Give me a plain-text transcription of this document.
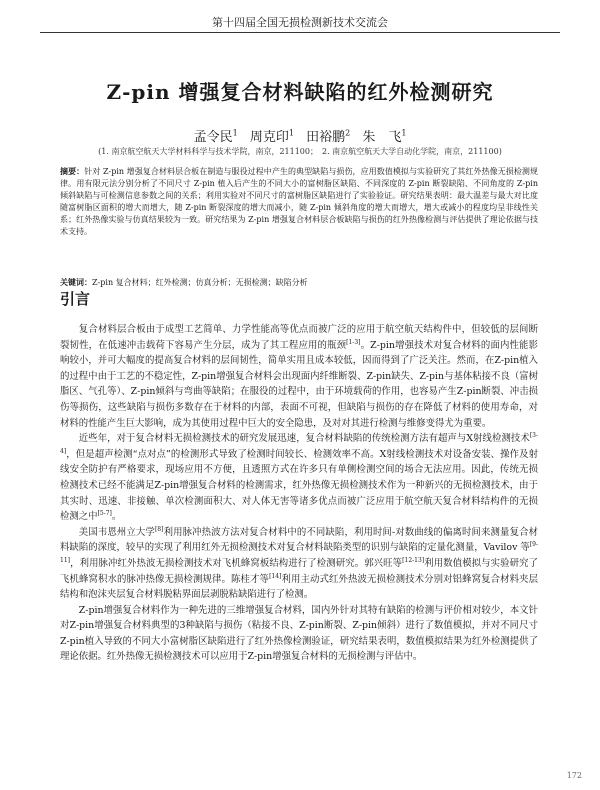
第十四届全国无损检测新技术交流会
Z-pin 增强复合材料缺陷的红外检测研究
孟令民$^1$ 周克印$^1$ 田裕鹏$^2$ 朱　飞$^1$
(1. 南京航空航天大学材料科学与技术学院，南京，211100；　2. 南京航空航天大学自动化学院，南京，211100)
摘要：针对 Z-pin 增强复合材料层合板在制造与服役过程中产生的典型缺陷与损伤，应用数值模拟与实验研究了其红外热像无损检测规律。用有限元法分别分析了不同尺寸 Z-pin 植入后产生的不同大小的富树脂区缺陷、不同深度的 Z-pin 断裂缺陷、不同角度的 Z-pin 倾斜缺陷与可检测信息参数之间的关系；利用实验对不同尺寸的富树脂区缺陷进行了实验验证。研究结果表明：最大温差与最大对比度随富树脂区面积的增大而增大，随 Z-pin 断裂深度的增大而减小，随 Z-pin 倾斜角度的增大而增大，增大或减小的程度均呈非线性关系；红外热像实验与仿真结果较为一致。研究结果为 Z-pin 增强复合材料层合板缺陷与损伤的红外热像检测与评估提供了理论依据与技术支持。
关键词：Z-pin 复合材料；红外检测；仿真分析；无损检测；缺陷分析
引言

复合材料层合板由于成型工艺简单、力学性能高等优点而被广泛的应用于航空航天结构件中，但较低的层间断裂韧性，在低速冲击载荷下容易产生分层，成为了其工程应用的瓶颈[1-3]。Z-pin增强技术对复合材料的面内性能影响较小，并可大幅度的提高复合材料的层间韧性，简单实用且成本较低，因而得到了广泛关注。然而，在Z-pin植入的过程中由于工艺的不稳定性，Z-pin增强复合材料会出现面内纤维断裂、Z-pin缺失、Z-pin与基体粘接不良（富树脂区、气孔等）、Z-pin倾斜与弯曲等缺陷；在服役的过程中，由于环境载荷的作用，也容易产生Z-pin断裂、冲击损伤等损伤，这些缺陷与损伤多数存在于材料的内部，表面不可视，但缺陷与损伤的存在降低了材料的使用寿命，对材料的性能产生巨大影响，成为其使用过程中巨大的安全隐患，及对对其进行检测与维修变得尤为重要。

近些年，对于复合材料无损检测技术的研究发展迅速，复合材料缺陷的传统检测方法有超声与X射线检测技术[3-4]，但是超声检测“点对点”的检测形式导致了检测时间较长、检测效率不高。X射线检测技术对设备安装、操作及射线安全防护有严格要求，现场应用不方便，且透照方式在许多只有单侧检测空间的场合无法应用。因此，传统无损检测技术已经不能满足Z-pin增强复合材料的检测需求，红外热像无损检测技术作为一种新兴的无损检测技术，由于其实时、迅速、非接触、单次检测面积大、对人体无害等诸多优点而被广泛应用于航空航天复合材料结构件的无损检测之中[5-7]。

美国韦恩州立大学[8]利用脉冲热波方法对复合材料中的不同缺陷，利用时间-对数曲线的偏离时间来测量复合材料缺陷的深度，较早的实现了利用红外无损检测技术对复合材料缺陷类型的识别与缺陷的定量化测量，Vavilov 等[9-11]，利用脉冲红外热波无损检测技术对飞机蜂窝板结构进行了检测研究。郭兴旺等[12-13]利用数值模拟与实验研究了飞机蜂窝积水的脉冲热像无损检测规律。陈桂才等[14]利用主动式红外热波无损检测技术分别对铝蜂窝复合材料夹层结构和泡沫夹层复合材料脱粘界面层剥脱粘缺陷进行了检测。

Z-pin增强复合材料作为一种先进的三维增强复合材料，国内外针对其特有缺陷的检测与评价相对较少，本文针对Z-pin增强复合材料典型的3种缺陷与损伤（粘接不良、Z-pin断裂、Z-pin倾斜）进行了数值模拟，并对不同尺寸Z-pin植入导致的不同大小富树脂区缺陷进行了红外热像检测验证，研究结果表明，数值模拟结果为红外检测提供了理论依据。红外热像无损检测技术可以应用于Z-pin增强复合材料的无损检测与评估中。

172
